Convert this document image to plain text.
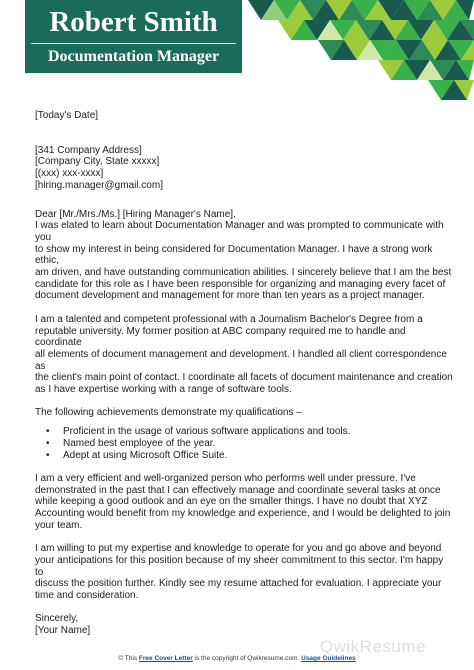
Robert Smith
Documentation Manager

[Today's Date]

[341 Company Address]

[Company City, State xxxxx]

[(xxx) xxx-xxxx]

[hiring.manager@gmail.com]

Dear [Mr./Mrs./Ms.] [Hiring Manager's Name],

I was elated to learn about Documentation Manager and was prompted to communicate with you

to show my interest in being considered for Documentation Manager. I have a strong work ethic,

am driven, and have outstanding communication abilities. I sincerely believe that I am the best

candidate for this role as I have been responsible for organizing and managing every facet of

document development and management for more than ten years as a project manager.

I am a talented and competent professional with a Journalism Bachelor's Degree from a

reputable university. My former position at ABC company required me to handle and coordinate

all elements of document management and development. I handled all client correspondence as

the client's main point of contact. I coordinate all facets of document maintenance and creation

as I have expertise working with a range of software tools.

The following achievements demonstrate my qualifications –

• Proficient in the usage of various software applications and tools.
• Named best employee of the year.
• Adept at using Microsoft Office Suite.

I am a very efficient and well-organized person who performs well under pressure. I've

demonstrated in the past that I can effectively manage and coordinate several tasks at once

while keeping a good outlook and an eye on the smaller things. I have no doubt that XYZ

Accounting would benefit from my knowledge and experience, and I would be delighted to join

your team.

I am willing to put my expertise and knowledge to operate for you and go above and beyond

your anticipations for this position because of my sheer commitment to this sector. I'm happy to

discuss the position further. Kindly see my resume attached for evaluation. I appreciate your

time and consideration.

Sincerely,

[Your Name]

QwikResume
© This Free Cover Letter is the copyright of Qwikresume.com. Usage Guidelines
